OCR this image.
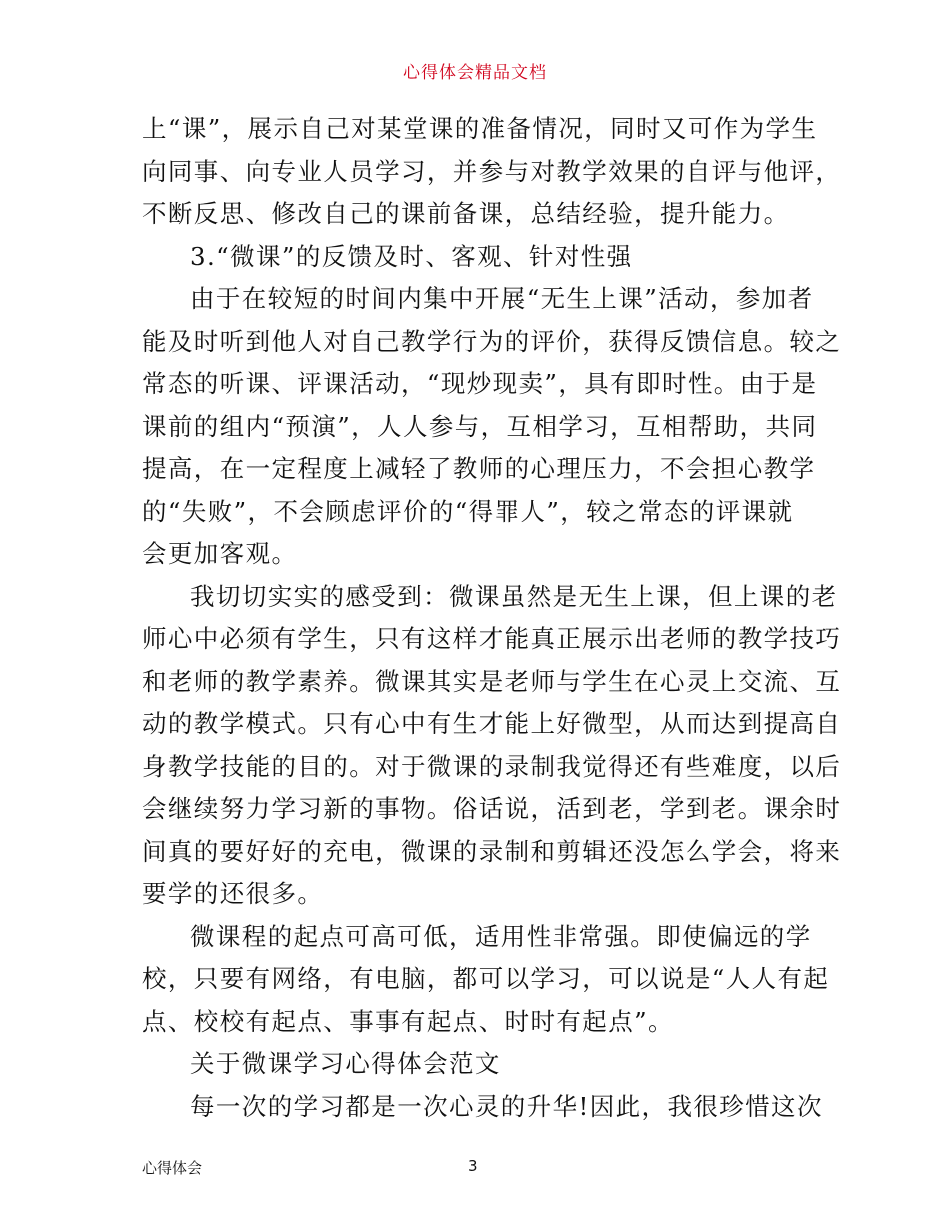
心得体会精品文档
上“课”，展示自己对某堂课的准备情况，同时又可作为学生
向同事、向专业人员学习，并参与对教学效果的自评与他评，
不断反思、修改自己的课前备课，总结经验，提升能力。
3.“微课”的反馈及时、客观、针对性强
由于在较短的时间内集中开展“无生上课”活动，参加者
能及时听到他人对自己教学行为的评价，获得反馈信息。较之
常态的听课、评课活动，“现炒现卖”，具有即时性。由于是
课前的组内“预演”，人人参与，互相学习，互相帮助，共同
提高，在一定程度上减轻了教师的心理压力，不会担心教学
的“失败”，不会顾虑评价的“得罪人”，较之常态的评课就
会更加客观。
我切切实实的感受到：微课虽然是无生上课，但上课的老
师心中必须有学生，只有这样才能真正展示出老师的教学技巧
和老师的教学素养。微课其实是老师与学生在心灵上交流、互
动的教学模式。只有心中有生才能上好微型，从而达到提高自
身教学技能的目的。对于微课的录制我觉得还有些难度，以后
会继续努力学习新的事物。俗话说，活到老，学到老。课余时
间真的要好好的充电，微课的录制和剪辑还没怎么学会，将来
要学的还很多。
微课程的起点可高可低，适用性非常强。即使偏远的学
校，只要有网络，有电脑，都可以学习，可以说是“人人有起
点、校校有起点、事事有起点、时时有起点”。
关于微课学习心得体会范文
每一次的学习都是一次心灵的升华!因此，我很珍惜这次
心得体会	3
